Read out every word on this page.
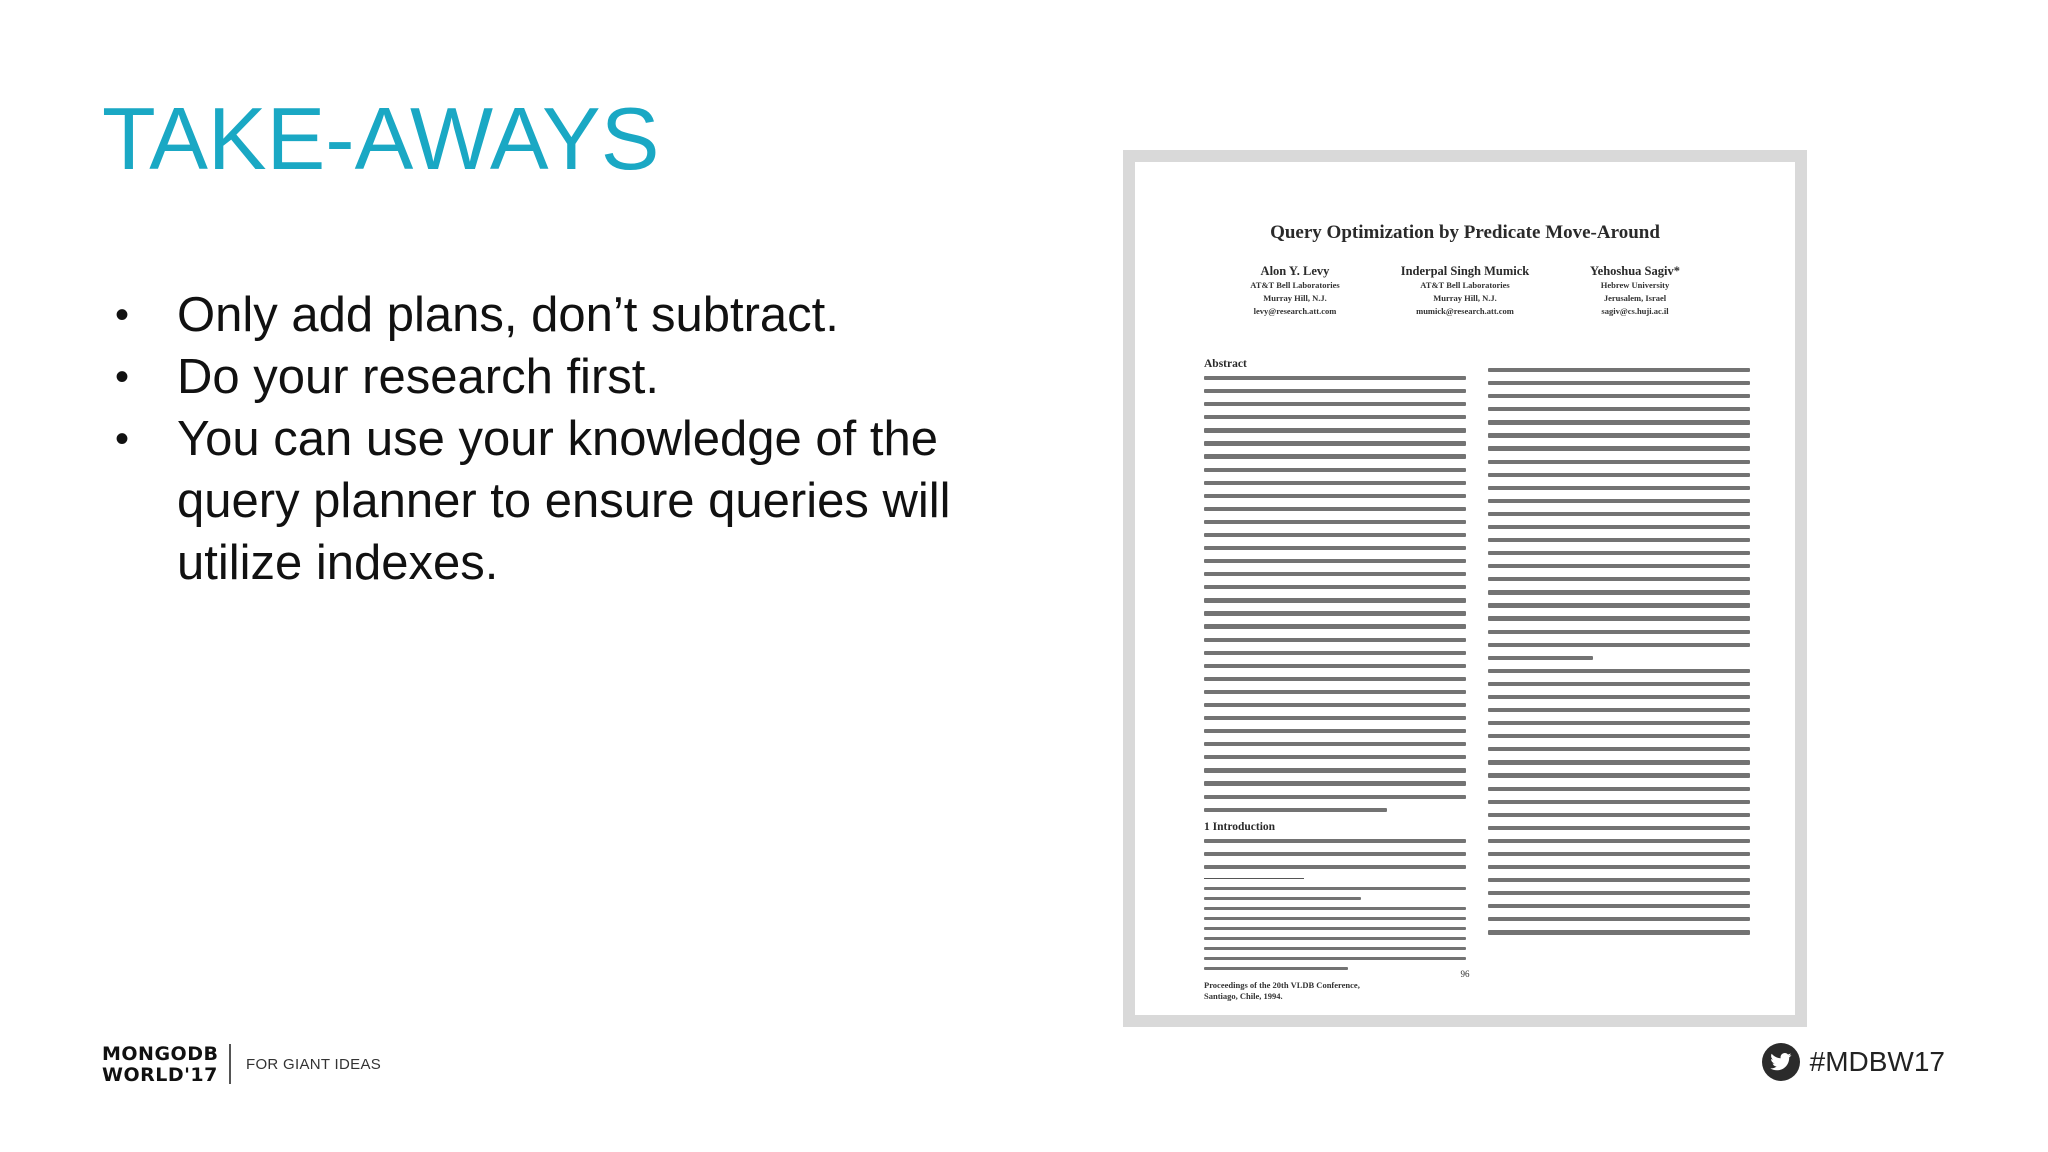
TAKE-AWAYS
• Only add plans, don’t subtract.
• Do your research first.
• You can use your knowledge of the query planner to ensure queries will utilize indexes.
Query Optimization by Predicate Move-Around
Alon Y. Levy
AT&T Bell Laboratories
Murray Hill, N.J.
levy@research.att.com
Inderpal Singh Mumick
AT&T Bell Laboratories
Murray Hill, N.J.
mumick@research.att.com
Yehoshua Sagiv*
Hebrew University
Jerusalem, Israel
sagiv@cs.huji.ac.il
Abstract
1 Introduction
Proceedings of the 20th VLDB Conference,
Santiago, Chile, 1994.
96
MONGODB
WORLD'17 FOR GIANT IDEAS	#MDBW17
